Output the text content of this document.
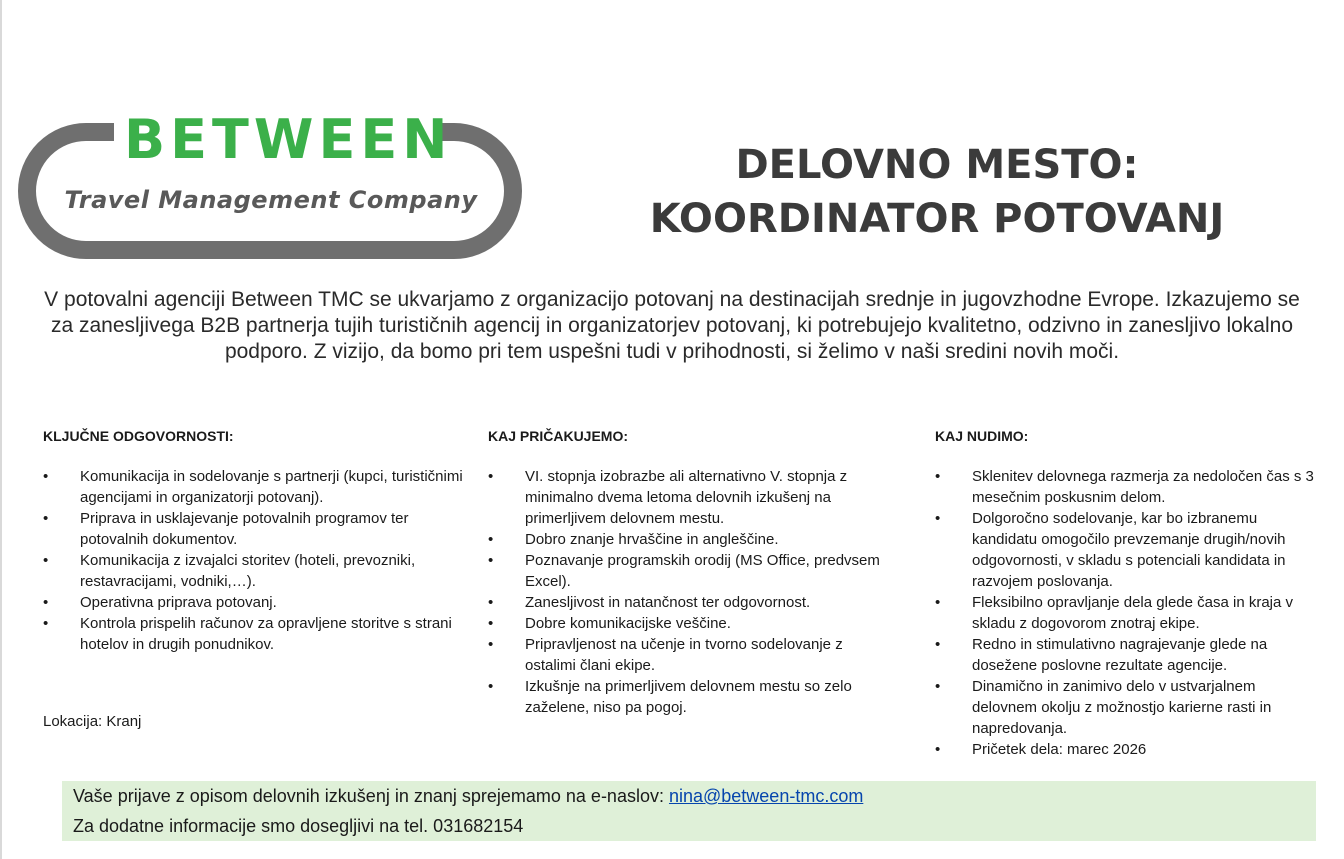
BETWEEN
Travel Management Company
DELOVNO MESTO:
KOORDINATOR POTOVANJ
V potovalni agenciji Between TMC se ukvarjamo z organizacijo potovanj na destinacijah srednje in jugovzhodne Evrope. Izkazujemo se za zanesljivega B2B partnerja tujih turističnih agencij in organizatorjev potovanj, ki potrebujejo kvalitetno, odzivno in zanesljivo lokalno podporo. Z vizijo, da bomo pri tem uspešni tudi v prihodnosti, si želimo v naši sredini novih moči.
KLJUČNE ODGOVORNOSTI:
• Komunikacija in sodelovanje s partnerji (kupci, turističnimi agencijami in organizatorji potovanj).
• Priprava in usklajevanje potovalnih programov ter potovalnih dokumentov.
• Komunikacija z izvajalci storitev (hoteli, prevozniki, restavracijami, vodniki,…).
• Operativna priprava potovanj.
• Kontrola prispelih računov za opravljene storitve s strani hotelov in drugih ponudnikov.
KAJ PRIČAKUJEMO:
• VI. stopnja izobrazbe ali alternativno V. stopnja z minimalno dvema letoma delovnih izkušenj na primerljivem delovnem mestu.
• Dobro znanje hrvaščine in angleščine.
• Poznavanje programskih orodij (MS Office, predvsem Excel).
• Zanesljivost in natančnost ter odgovornost.
• Dobre komunikacijske veščine.
• Pripravljenost na učenje in tvorno sodelovanje z ostalimi člani ekipe.
• Izkušnje na primerljivem delovnem mestu so zelo zaželene, niso pa pogoj.
KAJ NUDIMO:
• Sklenitev delovnega razmerja za nedoločen čas s 3 mesečnim poskusnim delom.
• Dolgoročno sodelovanje, kar bo izbranemu kandidatu omogočilo prevzemanje drugih/novih odgovornosti, v skladu s potenciali kandidata in razvojem poslovanja.
• Fleksibilno opravljanje dela glede časa in kraja v skladu z dogovorom znotraj ekipe.
• Redno in stimulativno nagrajevanje glede na dosežene poslovne rezultate agencije.
• Dinamično in zanimivo delo v ustvarjalnem delovnem okolju z možnostjo karierne rasti in napredovanja.
• Pričetek dela: marec 2026
Lokacija: Kranj
Vaše prijave z opisom delovnih izkušenj in znanj sprejemamo na e-naslov: nina@between-tmc.com
Za dodatne informacije smo dosegljivi na tel. 031682154
